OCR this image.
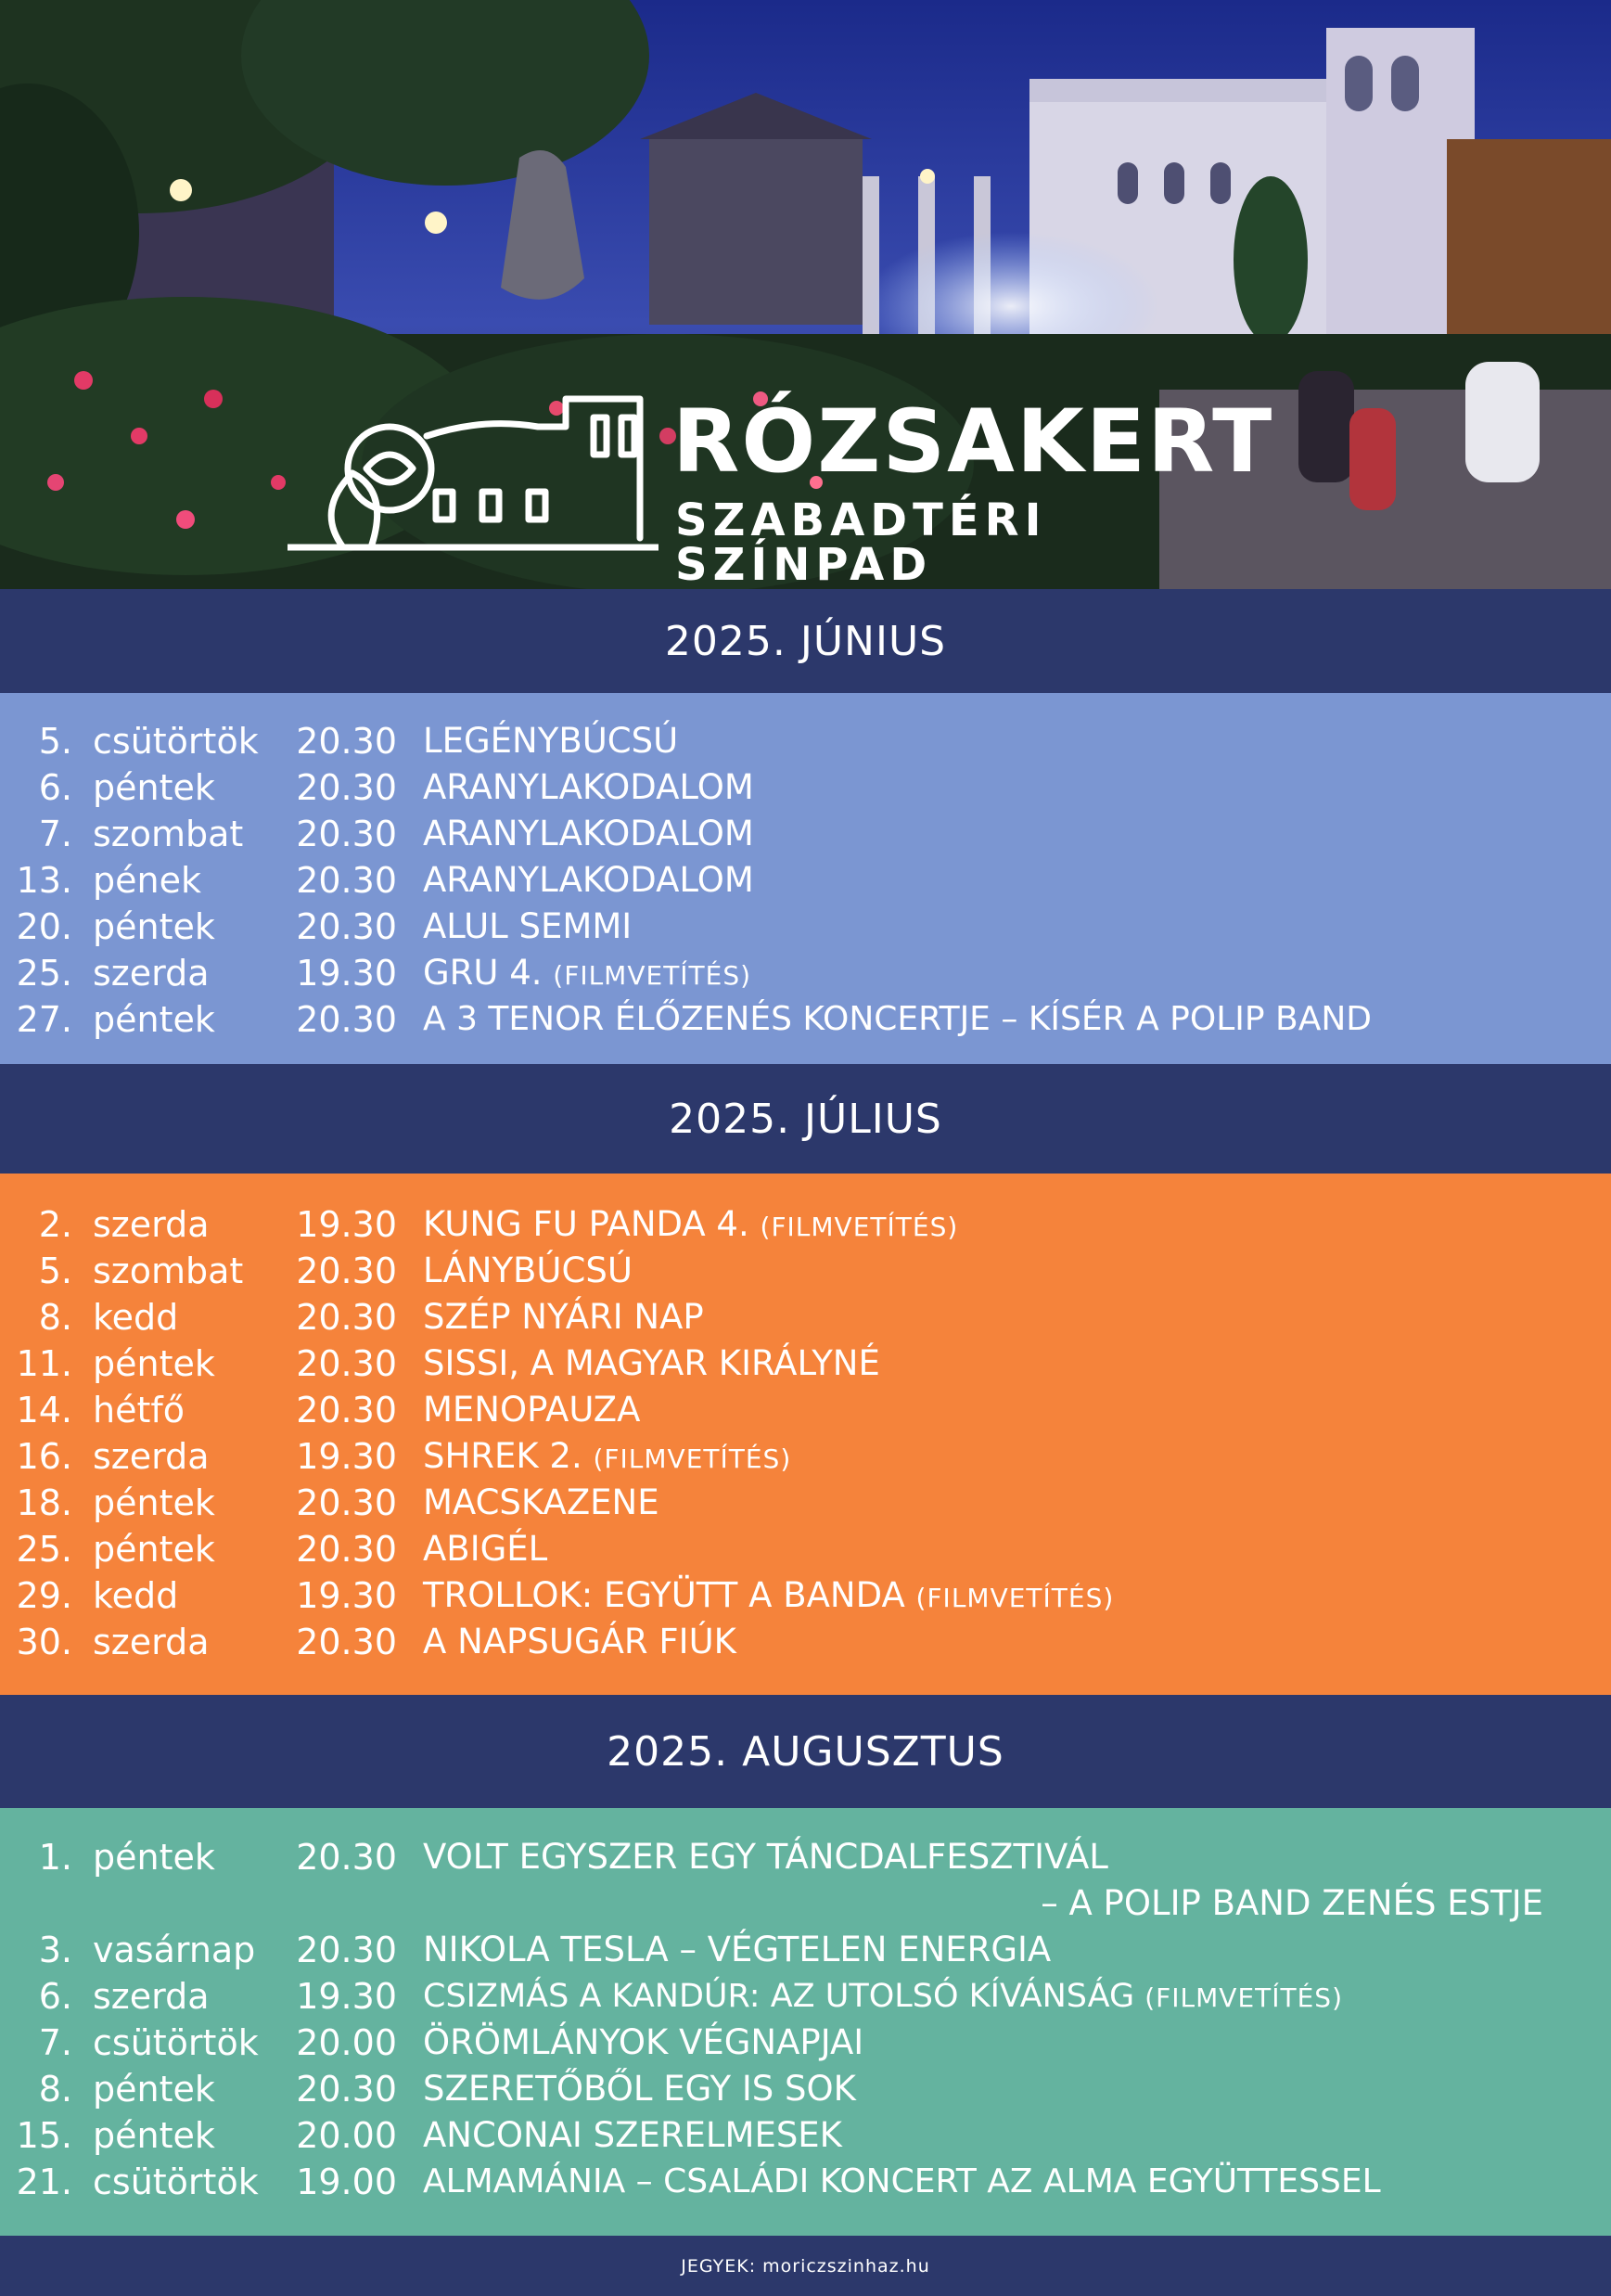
RÓZSAKERT
SZABADTÉRI SZÍNPAD
2025. JÚNIUS
5. csütörtök	20.30 LEGÉNYBÚCSÚ
6. péntek	20.30 ARANYLAKODALOM
7. szombat	20.30 ARANYLAKODALOM
13. pének	20.30 ARANYLAKODALOM
20. péntek	20.30 ALUL SEMMI
25. szerda	19.30 GRU 4. (FILMVETÍTÉS)
27. péntek	20.30 A 3 TENOR ÉLŐZENÉS KONCERTJE – KÍSÉR A POLIP BAND
2025. JÚLIUS
2. szerda	19.30 KUNG FU PANDA 4. (FILMVETÍTÉS)
5. szombat	20.30 LÁNYBÚCSÚ
8. kedd	20.30 SZÉP NYÁRI NAP
11. péntek	20.30 SISSI, A MAGYAR KIRÁLYNÉ
14. hétfő	20.30 MENOPAUZA
16. szerda	19.30 SHREK 2. (FILMVETÍTÉS)
18. péntek	20.30 MACSKAZENE
25. péntek	20.30 ABIGÉL
29. kedd	19.30 TROLLOK: EGYÜTT A BANDA (FILMVETÍTÉS)
30. szerda	20.30 A NAPSUGÁR FIÚK
2025. AUGUSZTUS
1. péntek	20.30 VOLT EGYSZER EGY TÁNCDALFESZTIVÁL
– A POLIP BAND ZENÉS ESTJE
3. vasárnap	20.30 NIKOLA TESLA – VÉGTELEN ENERGIA
6. szerda	19.30 CSIZMÁS A KANDÚR: AZ UTOLSÓ KÍVÁNSÁG (FILMVETÍTÉS)
7. csütörtök	20.00 ÖRÖMLÁNYOK VÉGNAPJAI
8. péntek	20.30 SZERETŐBŐL EGY IS SOK
15. péntek	20.00 ANCONAI SZERELMESEK
21. csütörtök	19.00 ALMAMÁNIA – CSALÁDI KONCERT AZ ALMA EGYÜTTESSEL
JEGYEK: moriczszinhaz.hu
